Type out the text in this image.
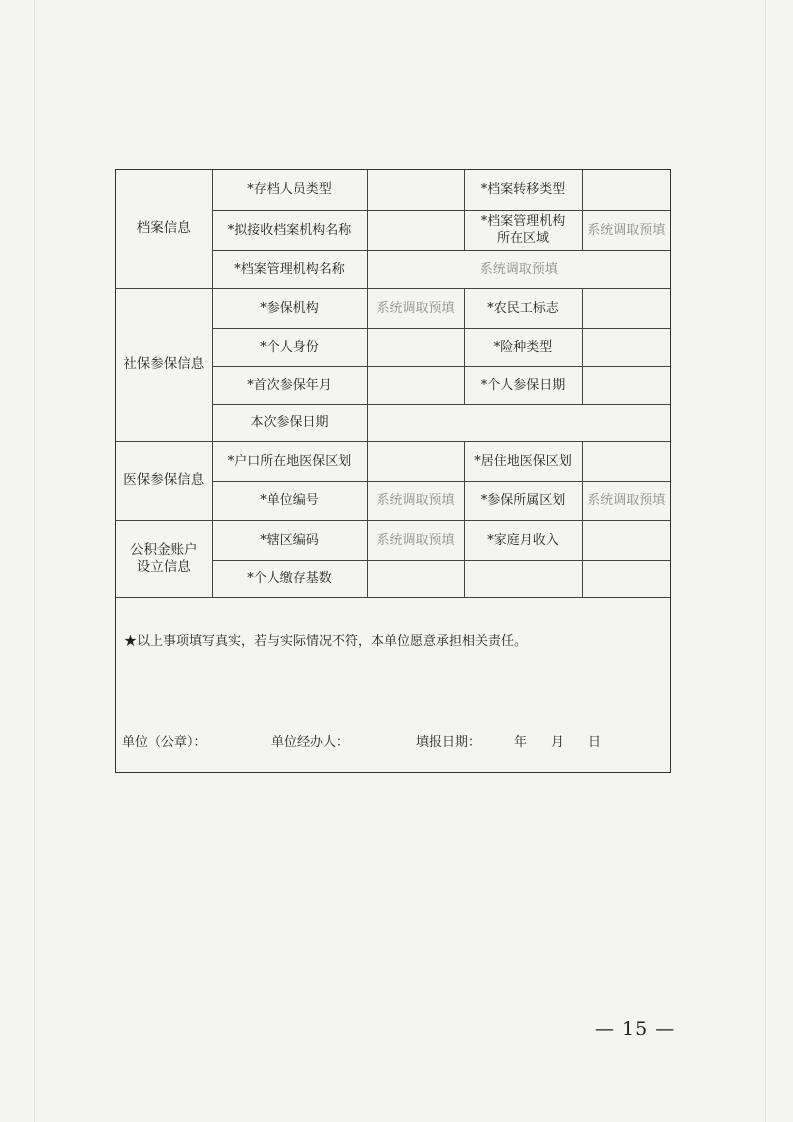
档案信息	*存档人员类型		*档案转移类型	
	*拟接收档案机构名称		*档案管理机构
所在区域	系统调取预填
	*档案管理机构名称	系统调取预填		
社保参保信息	*参保机构	系统调取预填	*农民工标志	
	*个人身份		*险种类型	
	*首次参保年月		*个人参保日期	
	本次参保日期			
医保参保信息	*户口所在地医保区划		*居住地医保区划	
	*单位编号	系统调取预填	*参保所属区划	系统调取预填

公积金账户
设立信息	*辖区编码	系统调取预填	*家庭月收入	
	*个人缴存基数			
★以上事项填写真实，若与实际情况不符，本单位愿意承担相关责任。
单位（公章）：	单位经办人：	填报日期：	年 月 日
— 15 —
